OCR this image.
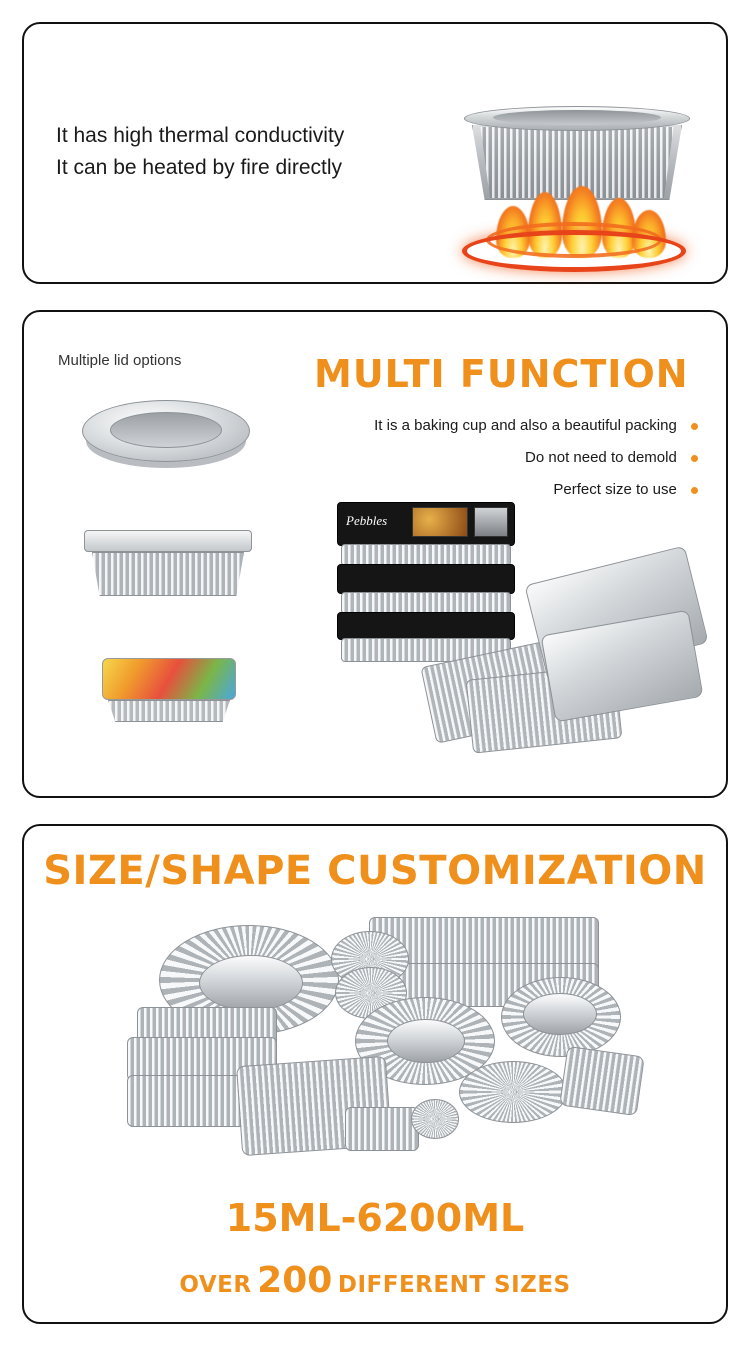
It has high thermal conductivity
It can be heated by fire directly
Multiple lid options	MULTI FUNCTION
It is a baking cup and also a beautiful packing
Do not need to demold
Perfect size to use
Pebbles
SIZE/SHAPE CUSTOMIZATION
15ML-6200ML
OVER 200 DIFFERENT SIZES
